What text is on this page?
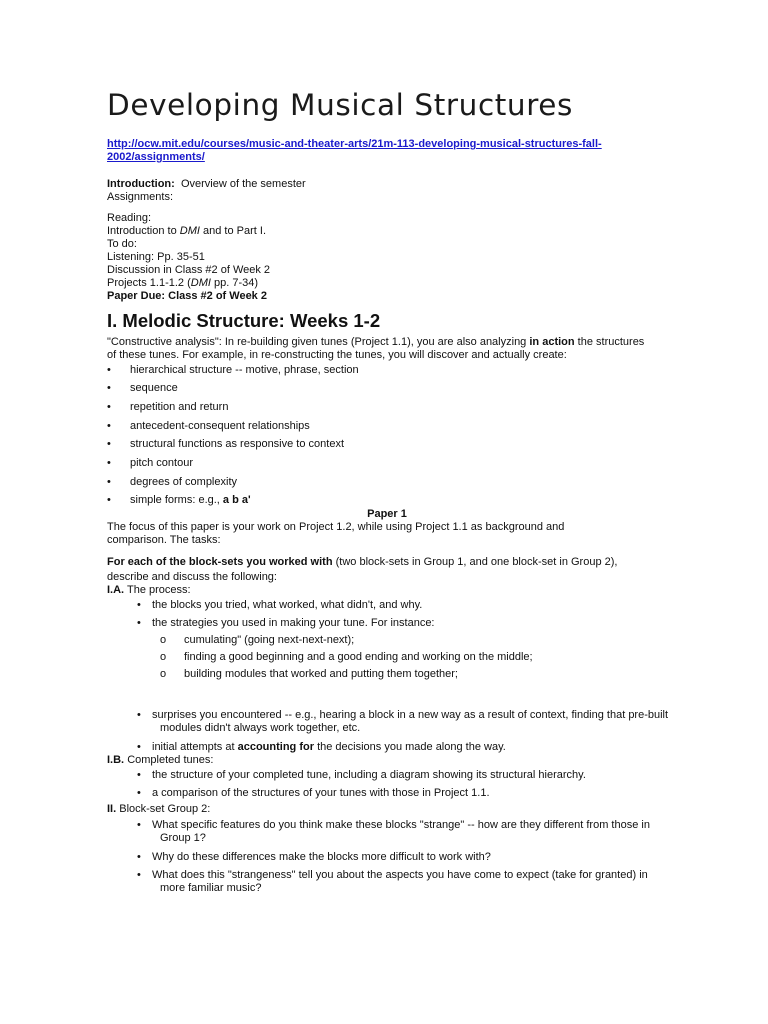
Developing Musical Structures
http://ocw.mit.edu/courses/music-and-theater-arts/21m-113-developing-musical-structures-fall-2002/assignments/
Introduction: Overview of the semester
Assignments:
Reading:
Introduction to DMI and to Part I.
To do:
Listening: Pp. 35-51
Discussion in Class #2 of Week 2
Projects 1.1-1.2 (DMI pp. 7-34)
Paper Due: Class #2 of Week 2
I. Melodic Structure: Weeks 1-2
"Constructive analysis": In re-building given tunes (Project 1.1), you are also analyzing in action the structures
of these tunes. For example, in re-constructing the tunes, you will discover and actually create:
•	hierarchical structure -- motive, phrase, section
•	sequence
•	repetition and return
•	antecedent-consequent relationships
•	structural functions as responsive to context
•	pitch contour
•	degrees of complexity
•	simple forms: e.g., a b a'
Paper 1
The focus of this paper is your work on Project 1.2, while using Project 1.1 as background and
comparison. The tasks:
For each of the block-sets you worked with (two block-sets in Group 1, and one block-set in Group 2),
describe and discuss the following:
I.A. The process:
• the blocks you tried, what worked, what didn't, and why.
• the strategies you used in making your tune. For instance:
o cumulating" (going next-next-next);
o finding a good beginning and a good ending and working on the middle;
o building modules that worked and putting them together;
• surprises you encountered -- e.g., hearing a block in a new way as a result of context, finding that pre-built modules didn't always work together, etc.
• initial attempts at accounting for the decisions you made along the way.
I.B. Completed tunes:
• the structure of your completed tune, including a diagram showing its structural hierarchy.
• a comparison of the structures of your tunes with those in Project 1.1.
II. Block-set Group 2:
• What specific features do you think make these blocks "strange" -- how are they different from those in Group 1?
• Why do these differences make the blocks more difficult to work with?
• What does this "strangeness" tell you about the aspects you have come to expect (take for granted) in more familiar music?
